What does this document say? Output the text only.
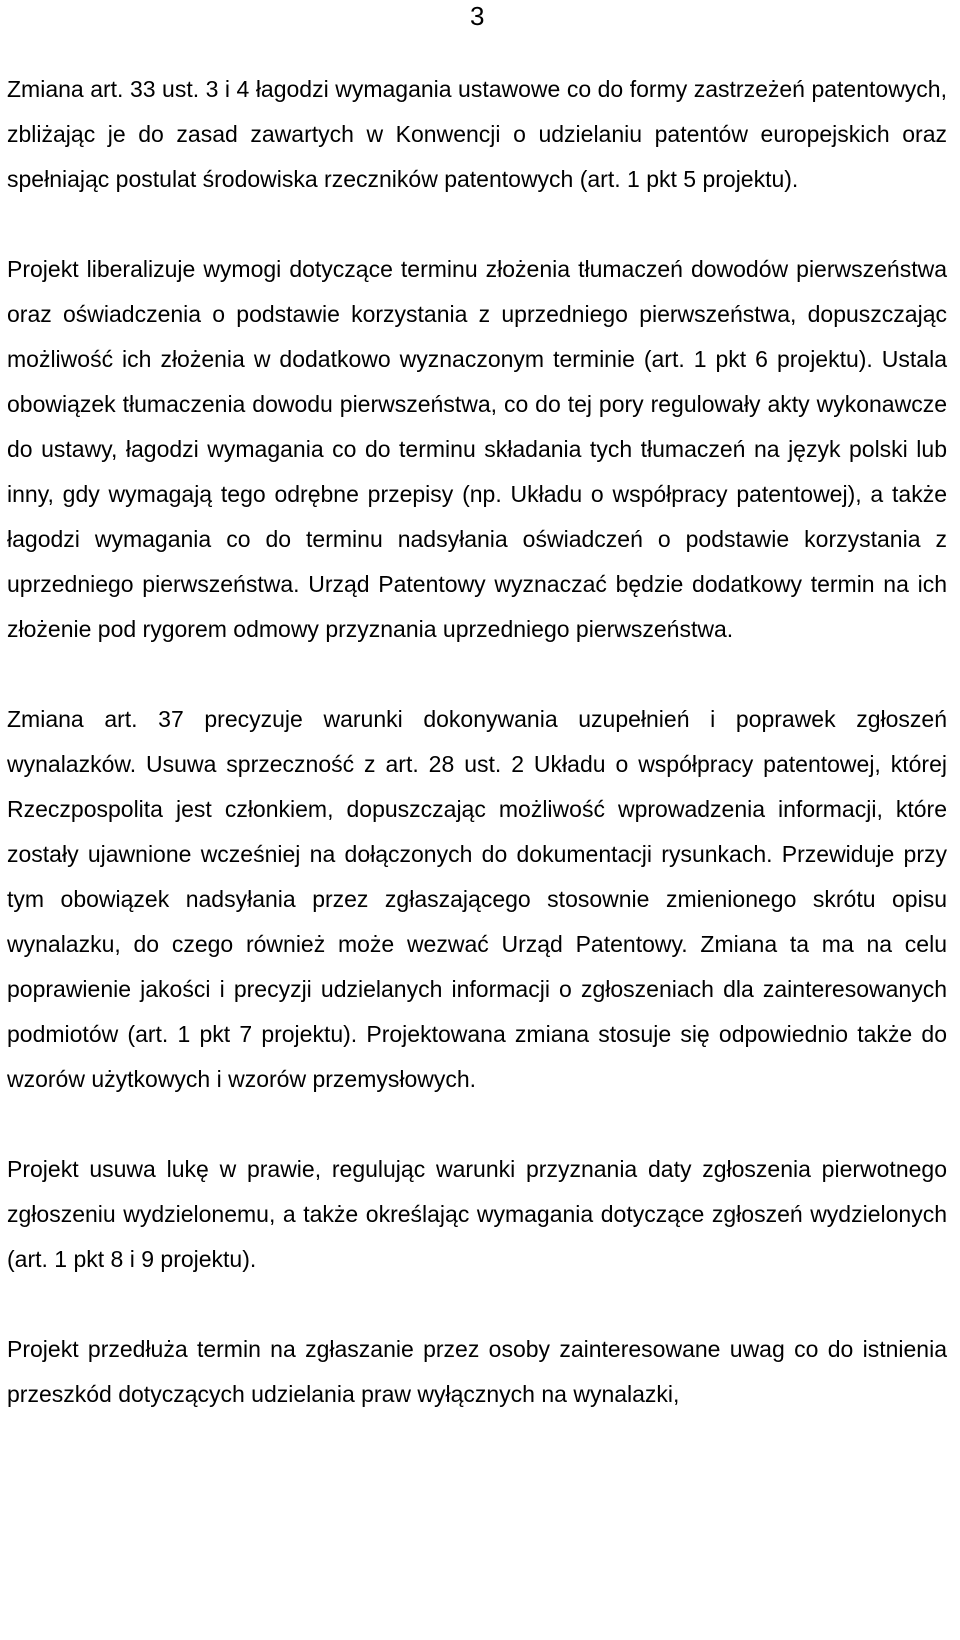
3

Zmiana art. 33 ust. 3 i 4 łagodzi wymagania ustawowe co do formy zastrzeżeń patentowych, zbliżając je do zasad zawartych w Konwencji o udzielaniu patentów europejskich oraz spełniając postulat środowiska rzeczników patentowych (art. 1 pkt 5 projektu).

Projekt liberalizuje wymogi dotyczące terminu złożenia tłumaczeń dowodów pierwszeństwa oraz oświadczenia o podstawie korzystania z uprzedniego pierwszeństwa, dopuszczając możliwość ich złożenia w dodatkowo wyznaczonym terminie (art. 1 pkt 6 projektu). Ustala obowiązek tłumaczenia dowodu pierwszeństwa, co do tej pory regulowały akty wykonawcze do ustawy, łagodzi wymagania co do terminu składania tych tłumaczeń na język polski lub inny, gdy wymagają tego odrębne przepisy (np. Układu o współpracy patentowej), a także łagodzi wymagania co do terminu nadsyłania oświadczeń o podstawie korzystania z uprzedniego pierwszeństwa. Urząd Patentowy wyznaczać będzie dodatkowy termin na ich złożenie pod rygorem odmowy przyznania uprzedniego pierwszeństwa.

Zmiana art. 37 precyzuje warunki dokonywania uzupełnień i poprawek zgłoszeń wynalazków. Usuwa sprzeczność z art. 28 ust. 2 Układu o współpracy patentowej, której Rzeczpospolita jest członkiem, dopuszczając możliwość wprowadzenia informacji, które zostały ujawnione wcześniej na dołączonych do dokumentacji rysunkach. Przewiduje przy tym obowiązek nadsyłania przez zgłaszającego stosownie zmienionego skrótu opisu wynalazku, do czego również może wezwać Urząd Patentowy. Zmiana ta ma na celu poprawienie jakości i precyzji udzielanych informacji o zgłoszeniach dla zainteresowanych podmiotów (art. 1 pkt 7 projektu). Projektowana zmiana stosuje się odpowiednio także do wzorów użytkowych i wzorów przemysłowych.

Projekt usuwa lukę w prawie, regulując warunki przyznania daty zgłoszenia pierwotnego zgłoszeniu wydzielonemu, a także określając wymagania dotyczące zgłoszeń wydzielonych (art. 1 pkt 8 i 9 projektu).

Projekt przedłuża termin na zgłaszanie przez osoby zainteresowane uwag co do istnienia przeszkód dotyczących udzielania praw wyłącznych na wynalazki,
